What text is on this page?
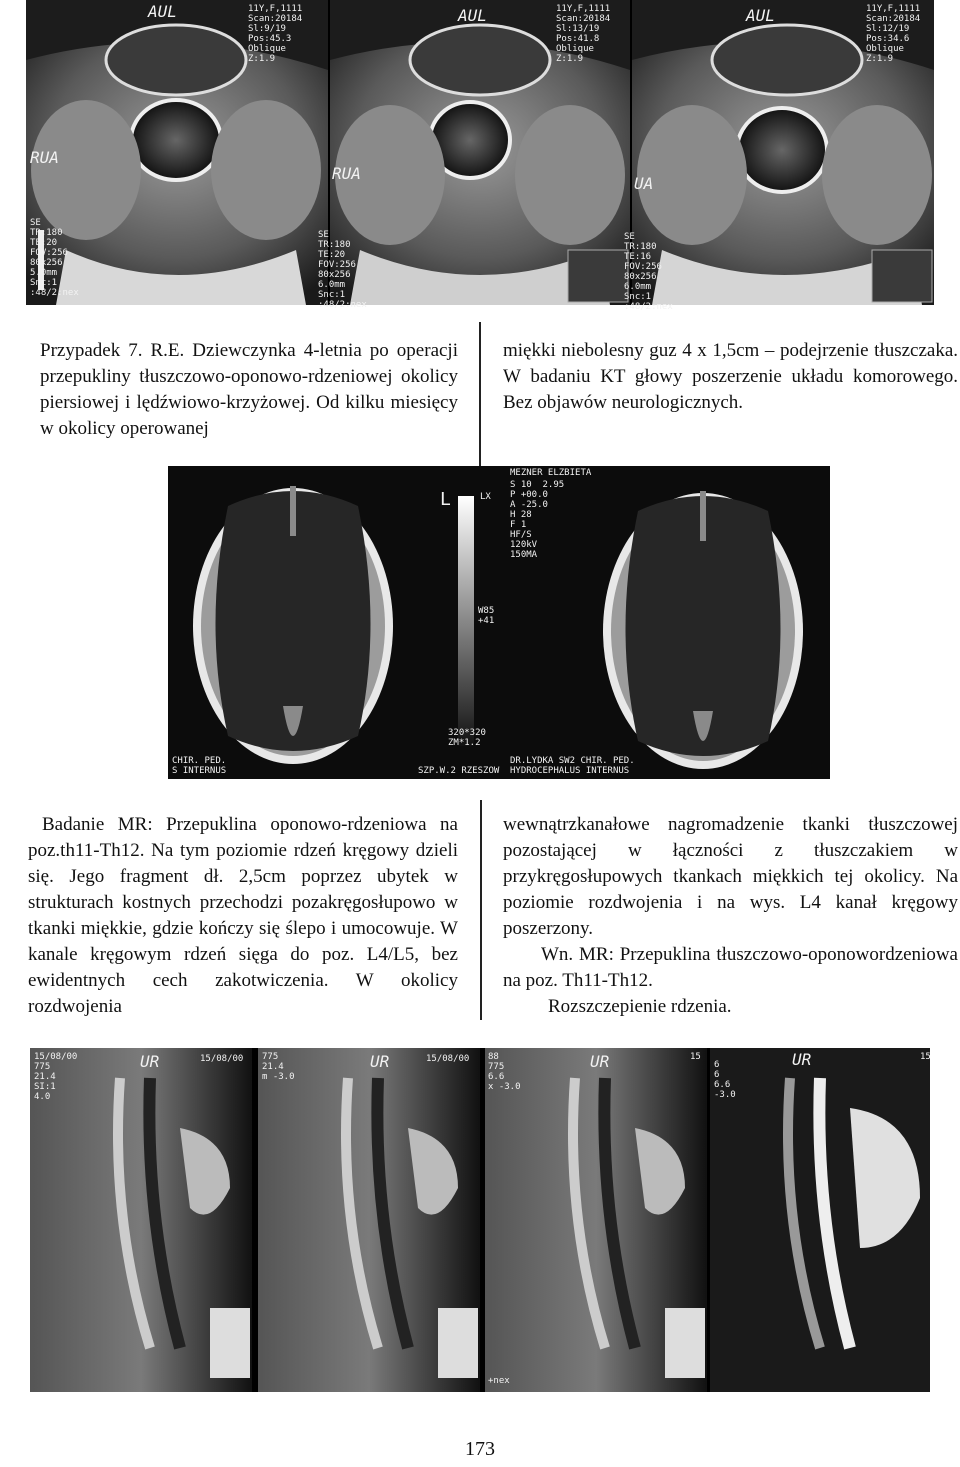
AUL	11Y,F,1111
Scan:20184
Sl:9/19
Pos:45.3
Oblique
Z:1.9
RUA
SE
TR:180
TE:20
FOV:256
80x256
5.0mm
Snc:1
:48/2:nex
AUL	11Y,F,1111
Scan:20184
Sl:13/19
Pos:41.8
Oblique
Z:1.9
RUA
SE
TR:180
TE:20
FOV:256
80x256
6.0mm
Snc:1
:48/2:nex
AUL	11Y,F,1111
Scan:20184
Sl:12/19
Pos:34.6
Oblique
Z:1.9
UA
SE
TR:180
TE:16
FOV:256
80x256
6.0mm
Snc:1
:48/2:nex

Przypadek 7. R.E. Dziewczynka 4-letnia po operacji przepukliny tłuszczowo-oponowo-rdzeniowej okolicy piersiowej i lędźwiowo-krzyżowej. Od kilku miesięcy w okolicy operowanej

miękki niebolesny guz 4 x 1,5cm – podejrzenie tłuszczaka. W badaniu KT głowy poszerzenie układu komorowego. Bez objawów neurologicznych.

L	LX
W85
+41
MEZNER ELZBIETA
S 10  2.95
P +00.0
A -25.0
H 28
F 1
HF/S
120kV
150MA
320*320
ZM*1.2
CHIR. PED.
S INTERNUS	SZP.W.2 RZESZOW
DR.LYDKA SW2 CHIR. PED.
HYDROCEPHALUS INTERNUS

Badanie MR: Przepuklina oponowo-rdzeniowa na poz.th11-Th12. Na tym poziomie rdzeń kręgowy dzieli się. Jego fragment dł. 2,5cm poprzez ubytek w strukturach kostnych przechodzi pozakręgosłupowo w tkanki miękkie, gdzie kończy się ślepo i umocowuje. W kanale kręgowym rdzeń sięga do poz. L4/L5, bez ewidentnych cech zakotwiczenia. W okolicy rozdwojenia

wewnątrzkanałowe nagromadzenie tkanki tłuszczowej pozostającej w łączności z tłuszczakiem w przykręgosłupowych tkankach miękkich tej okolicy. Na poziomie rozdwojenia i na wys. L4 kanał kręgowy poszerzony.

Wn. MR: Przepuklina tłuszczowo-oponowordzeniowa na poz. Th11-Th12.

Rozszczepienie rdzenia.

UR
15/08/00
775
21.4
SI:1
4.0
15/08/00	UR
775
21.4
m -3.0
15/08/00	UR
88
775
6.6
x -3.0
15	UR
6
6
6.6
-3.0
15
+nex
173
